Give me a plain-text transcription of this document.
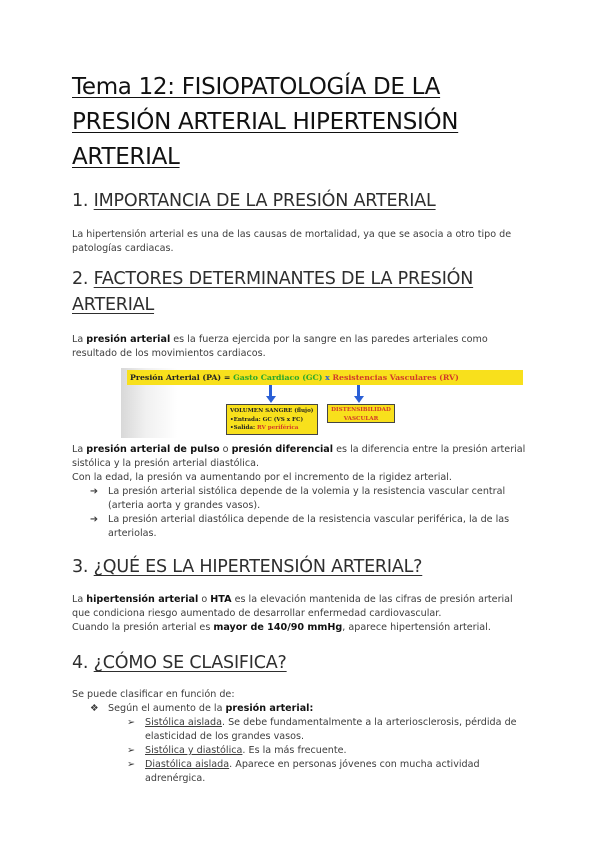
Tema 12: FISIOPATOLOGÍA DE LA PRESIÓN ARTERIAL HIPERTENSIÓN ARTERIAL
1. IMPORTANCIA DE LA PRESIÓN ARTERIAL
La hipertensión arterial es una de las causas de mortalidad, ya que se asocia a otro tipo de patologías cardiacas.
2. FACTORES DETERMINANTES DE LA PRESIÓN
ARTERIAL
La presión arterial es la fuerza ejercida por la sangre en las paredes arteriales como resultado de los movimientos cardiacos.
Presión Arterial (PA) = Gasto Cardiaco (GC) x Resistencias Vasculares (RV)
VOLUMEN SANGRE (flujo)
•Entrada: GC (VS x FC)
•Salida: RV periférica
DISTENSIBILIDAD
VASCULAR
La presión arterial de pulso o presión diferencial es la diferencia entre la presión arterial sistólica y la presión arterial diastólica.
Con la edad, la presión va aumentando por el incremento de la rigidez arterial.
➔ La presión arterial sistólica depende de la volemia y la resistencia vascular central (arteria aorta y grandes vasos).
➔ La presión arterial diastólica depende de la resistencia vascular periférica, la de las arteriolas.
3. ¿QUÉ ES LA HIPERTENSIÓN ARTERIAL?
La hipertensión arterial o HTA es la elevación mantenida de las cifras de presión arterial que condiciona riesgo aumentado de desarrollar enfermedad cardiovascular.
Cuando la presión arterial es mayor de 140/90 mmHg, aparece hipertensión arterial.
4. ¿CÓMO SE CLASIFICA?
Se puede clasificar en función de:
❖ Según el aumento de la presión arterial:
➢ Sistólica aislada. Se debe fundamentalmente a la arteriosclerosis, pérdida de elasticidad de los grandes vasos.
➢ Sistólica y diastólica. Es la más frecuente.
➢ Diastólica aislada. Aparece en personas jóvenes con mucha actividad adrenérgica.
